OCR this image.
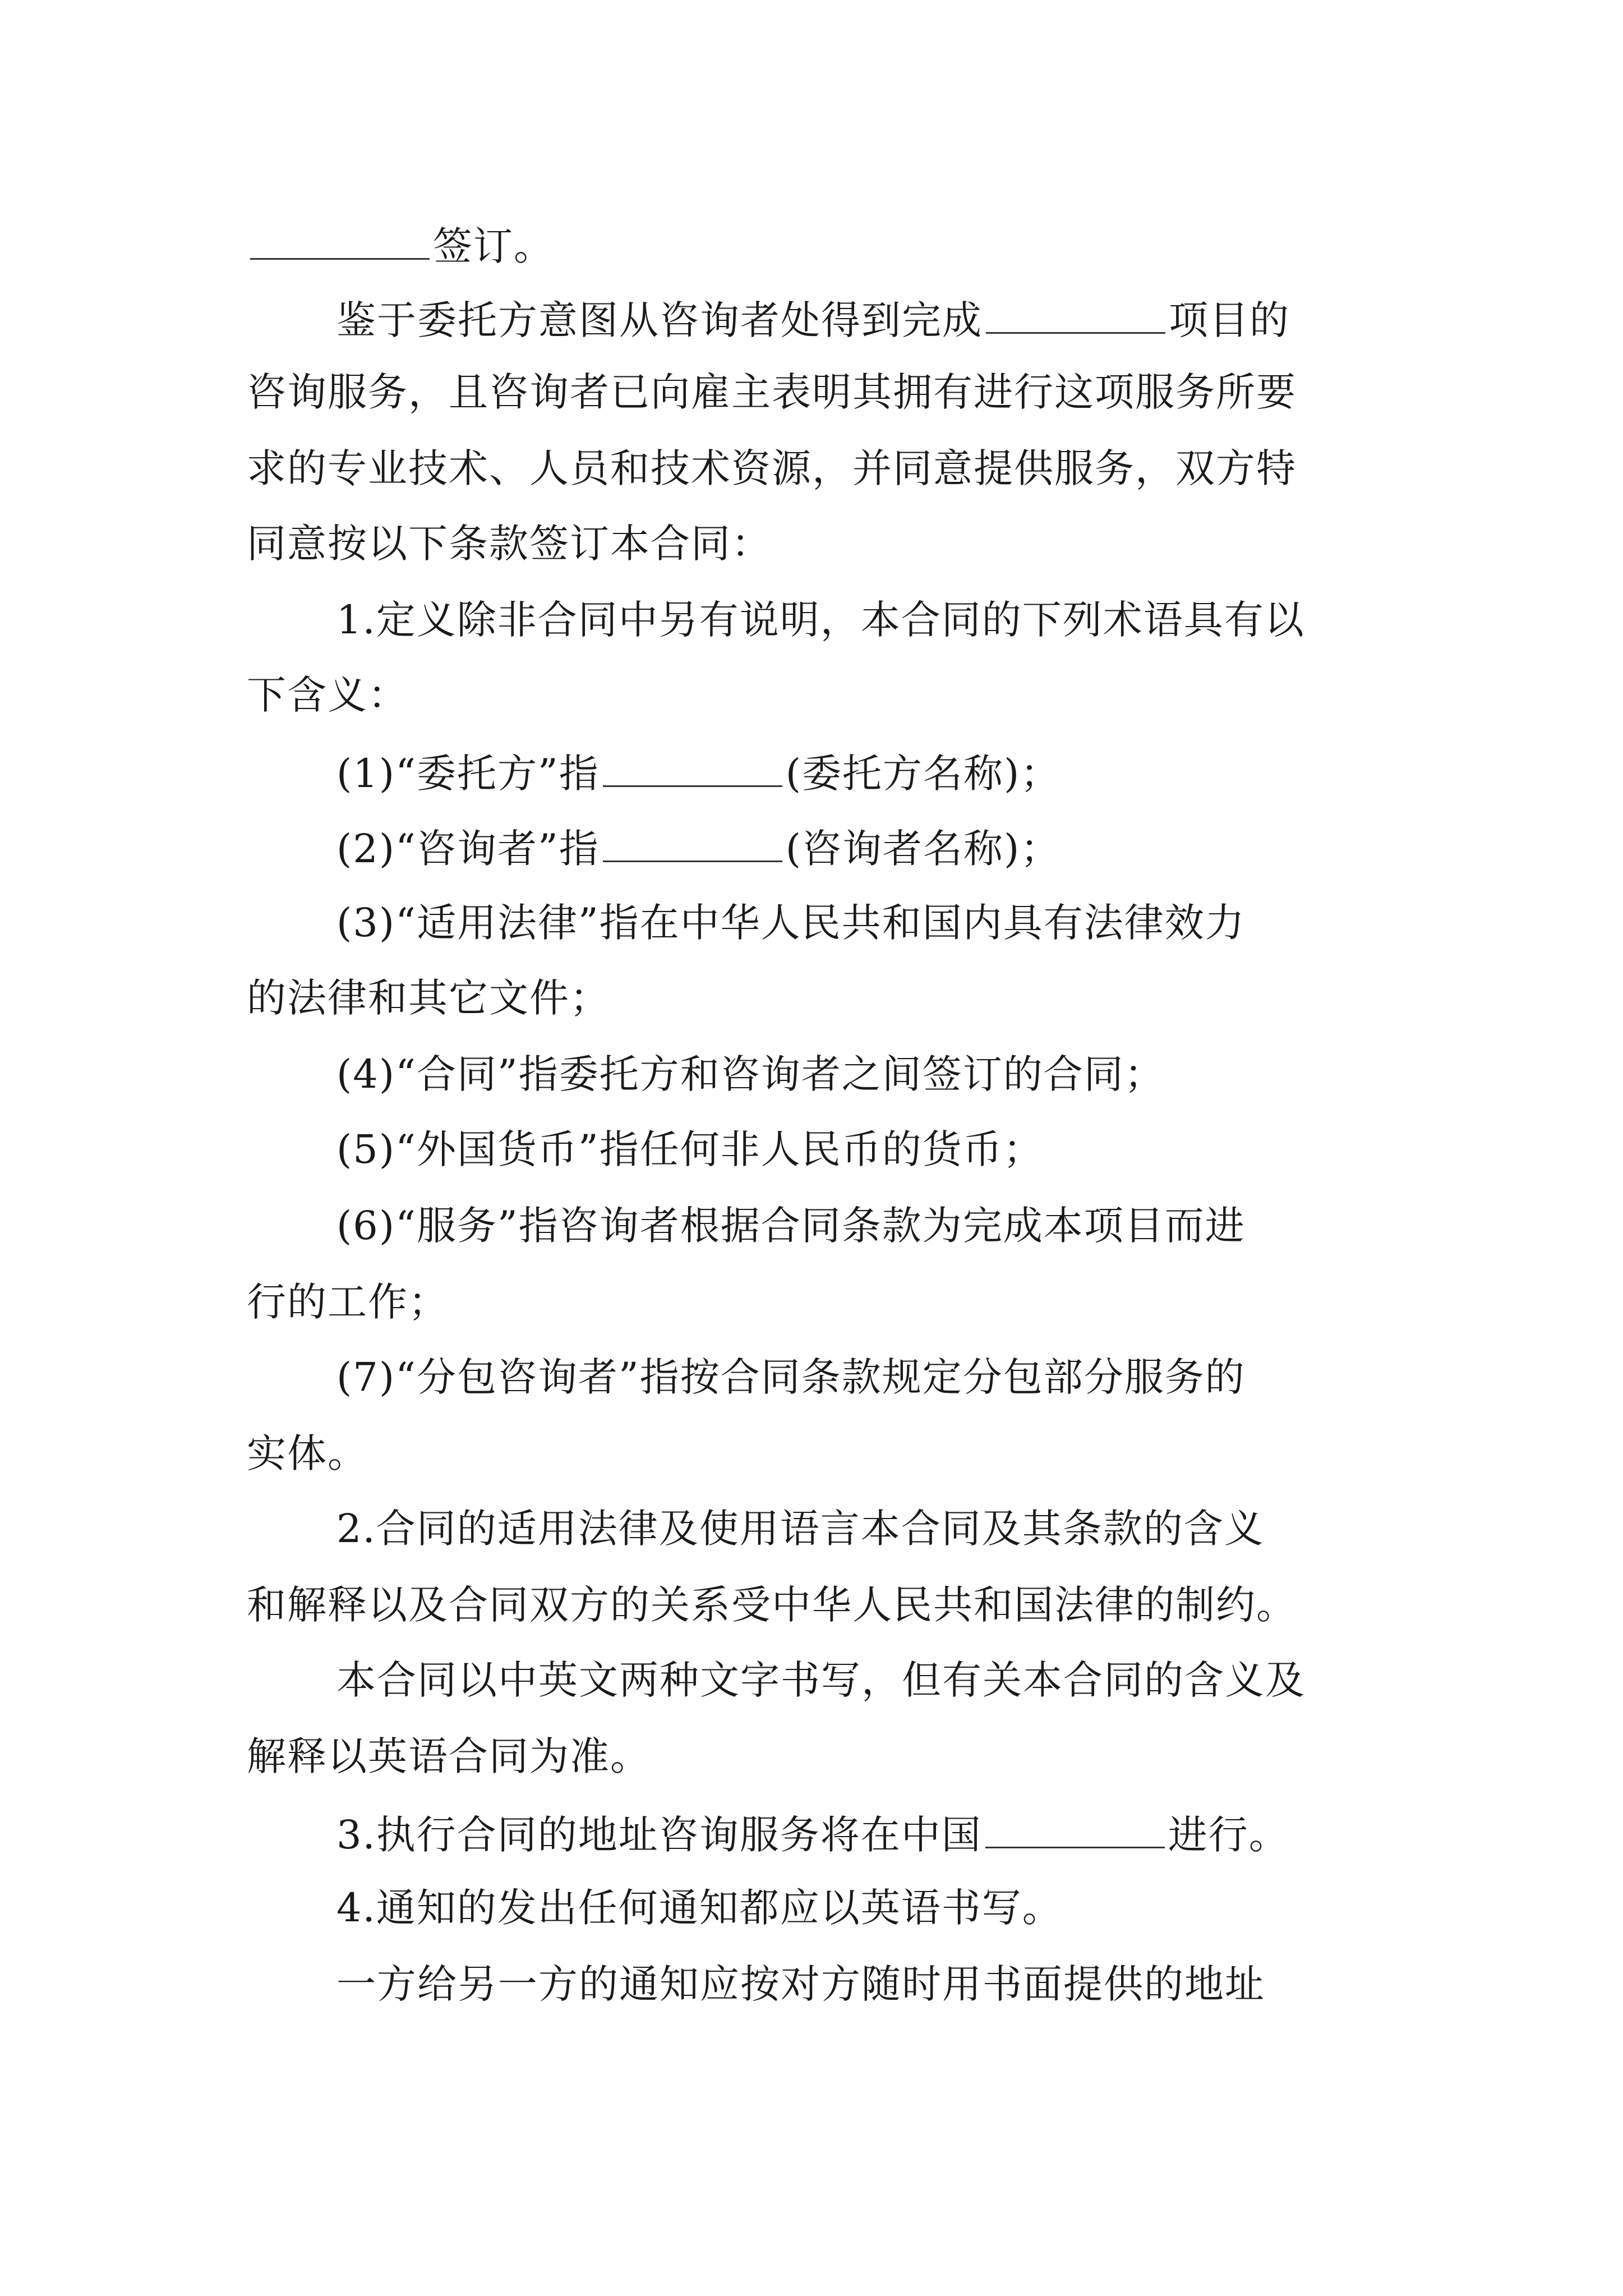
签订。
鉴于委托方意图从咨询者处得到完成	项目的
咨询服务，且咨询者已向雇主表明其拥有进行这项服务所要
求的专业技术、人员和技术资源，并同意提供服务，双方特
同意按以下条款签订本合同：
1.定义除非合同中另有说明，本合同的下列术语具有以
下含义：
(1)“委托方”指	(委托方名称)；
(2)“咨询者”指	(咨询者名称)；
(3)“适用法律”指在中华人民共和国内具有法律效力
的法律和其它文件；
(4)“合同”指委托方和咨询者之间签订的合同；
(5)“外国货币”指任何非人民币的货币；
(6)“服务”指咨询者根据合同条款为完成本项目而进
行的工作；
(7)“分包咨询者”指按合同条款规定分包部分服务的
实体。
2.合同的适用法律及使用语言本合同及其条款的含义
和解释以及合同双方的关系受中华人民共和国法律的制约。
本合同以中英文两种文字书写，但有关本合同的含义及
解释以英语合同为准。
3.执行合同的地址咨询服务将在中国	进行。
4.通知的发出任何通知都应以英语书写。
一方给另一方的通知应按对方随时用书面提供的地址
